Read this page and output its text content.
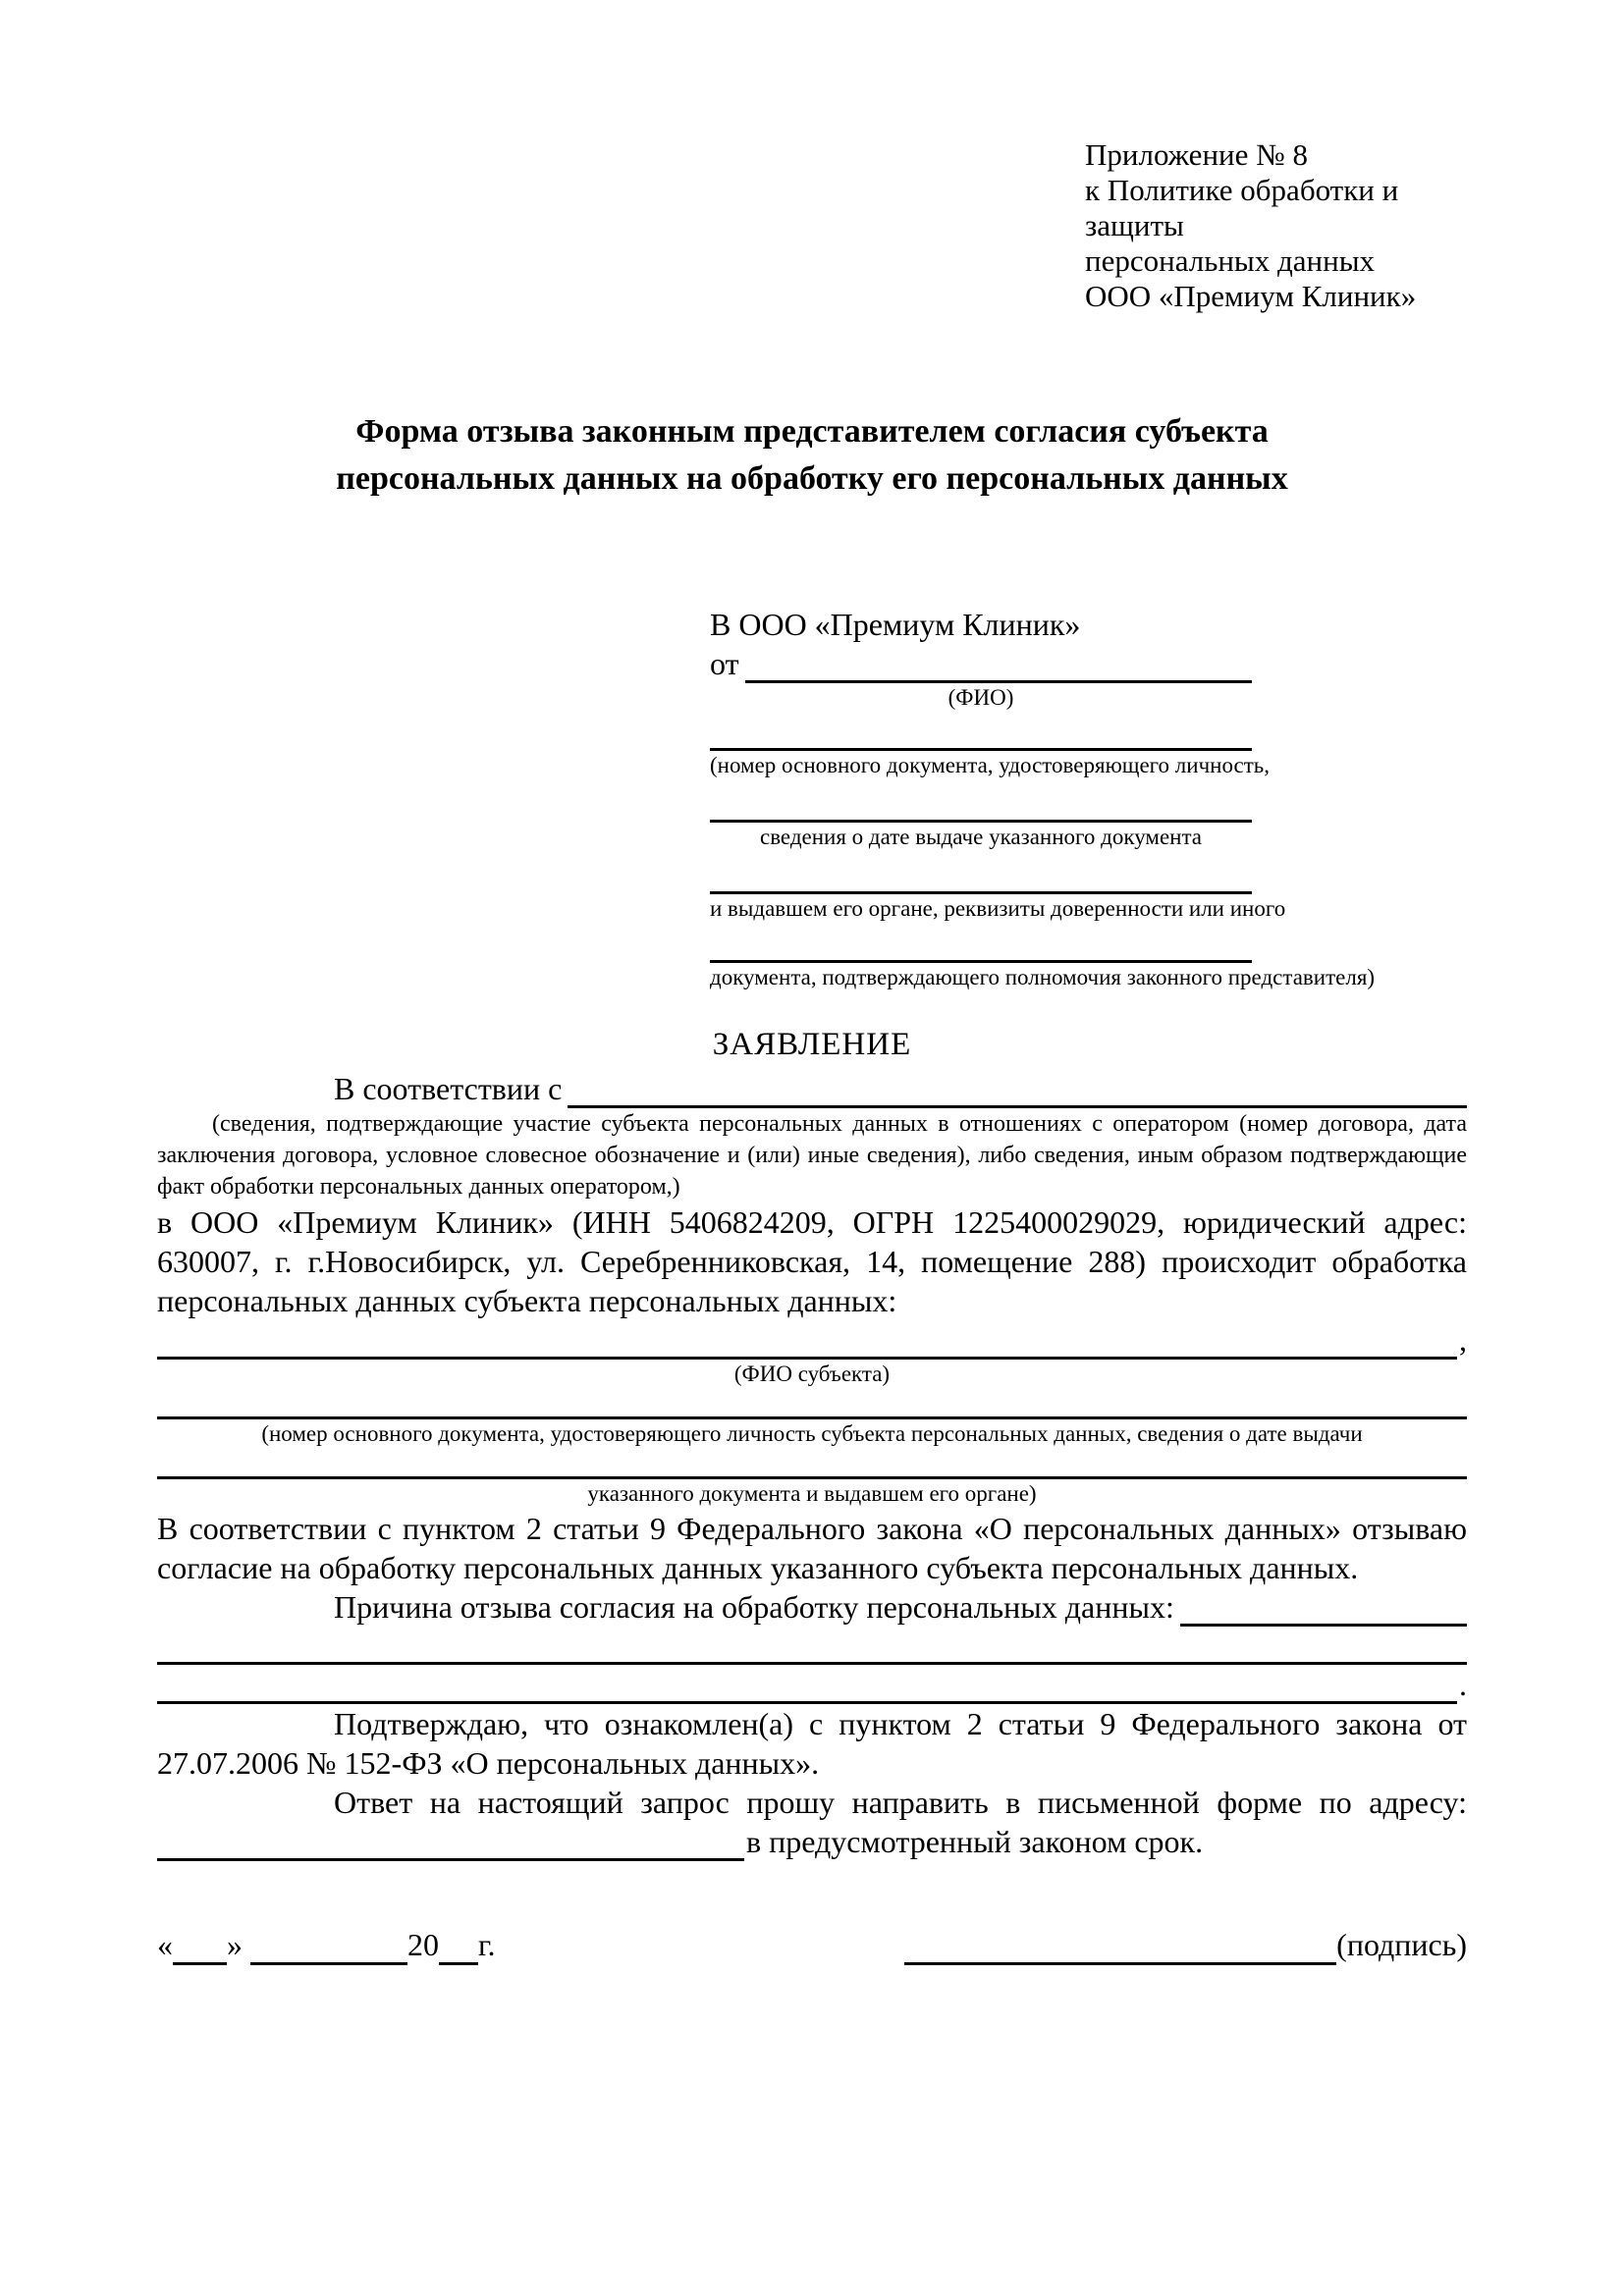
Приложение № 8
к Политике обработки и защиты
персональных данных
ООО «Премиум Клиник»
Форма отзыва законным представителем согласия субъекта персональных данных на обработку его персональных данных
В ООО «Премиум Клиник»
от
(ФИО)
(номер основного документа, удостоверяющего личность,
сведения о дате выдаче указанного документа
и выдавшем его органе, реквизиты доверенности или иного
документа, подтверждающего полномочия законного представителя)
ЗАЯВЛЕНИЕ
В соответствии с
(сведения, подтверждающие участие субъекта персональных данных в отношениях с оператором (номер договора, дата заключения договора, условное словесное обозначение и (или) иные сведения), либо сведения, иным образом подтверждающие факт обработки персональных данных оператором,)
в ООО «Премиум Клиник» (ИНН 5406824209, ОГРН 1225400029029, юридический адрес: 630007, г. г.Новосибирск, ул. Серебренниковская, 14, помещение 288) происходит обработка персональных данных субъекта персональных данных:
,
(ФИО субъекта)
(номер основного документа, удостоверяющего личность субъекта персональных данных, сведения о дате выдачи
указанного документа и выдавшем его органе)
В соответствии с пунктом 2 статьи 9 Федерального закона «О персональных данных» отзываю согласие на обработку персональных данных указанного субъекта персональных данных.
Причина отзыва согласия на обработку персональных данных:
.
Подтверждаю, что ознакомлен(а) с пунктом 2 статьи 9 Федерального закона от 27.07.2006 № 152-ФЗ «О персональных данных».
Ответ на настоящий запрос прошу направить в письменной форме по адресу:
в предусмотренный законом срок.
« »	20 г.	(подпись)
